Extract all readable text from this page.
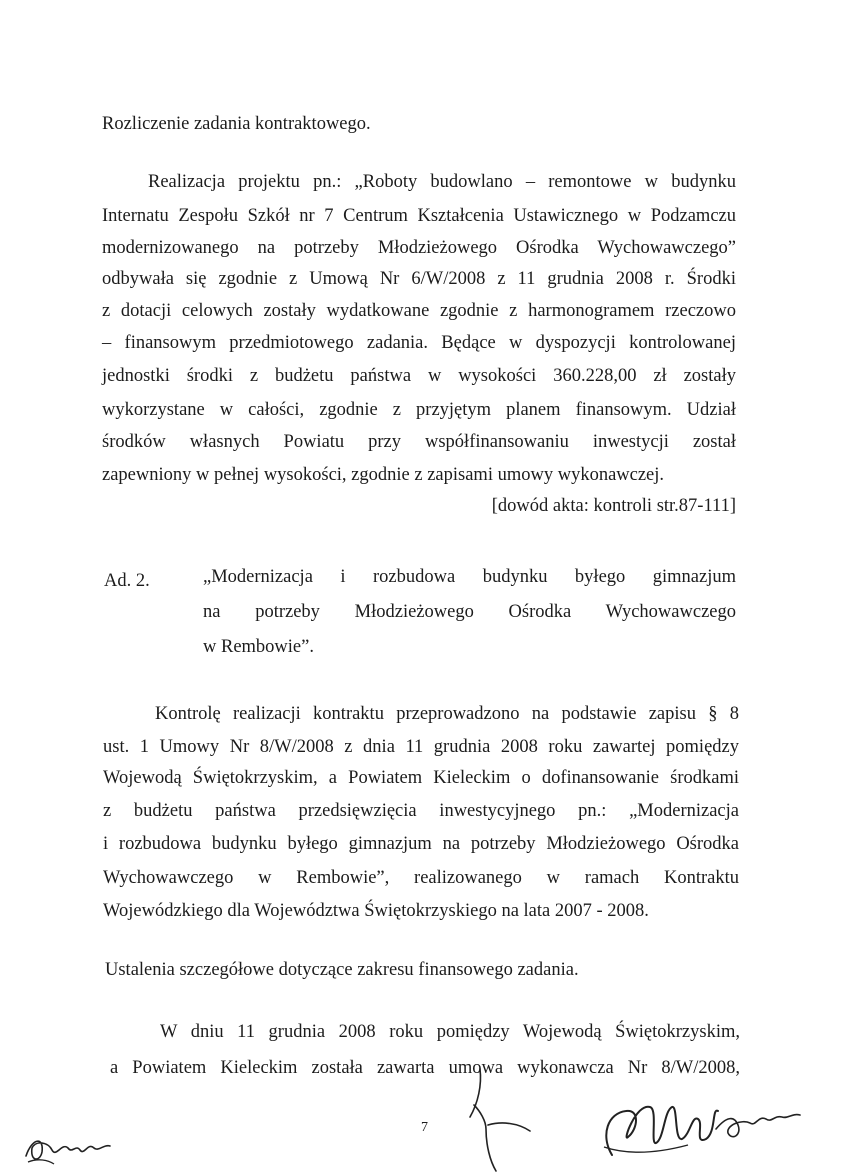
Rozliczenie zadania kontraktowego.
Realizacja projektu pn.: „Roboty budowlano – remontowe w budynku
Internatu Zespołu Szkół nr 7 Centrum Kształcenia Ustawicznego w Podzamczu
modernizowanego na potrzeby Młodzieżowego Ośrodka Wychowawczego”
odbywała się zgodnie z Umową Nr 6/W/2008 z 11 grudnia 2008 r. Środki
z dotacji celowych zostały wydatkowane zgodnie z harmonogramem rzeczowo
– finansowym przedmiotowego zadania. Będące w dyspozycji kontrolowanej
jednostki środki z budżetu państwa w wysokości 360.228,00 zł zostały
wykorzystane w całości, zgodnie z przyjętym planem finansowym. Udział
środków własnych Powiatu przy współfinansowaniu inwestycji został
zapewniony w pełnej wysokości, zgodnie z zapisami umowy wykonawczej.
[dowód akta: kontroli str.87-111]
Ad. 2.	„Modernizacja i rozbudowa budynku byłego gimnazjum
na potrzeby Młodzieżowego Ośrodka Wychowawczego
w Rembowie”.
Kontrolę realizacji kontraktu przeprowadzono na podstawie zapisu § 8
ust. 1 Umowy Nr 8/W/2008 z dnia 11 grudnia 2008 roku zawartej pomiędzy
Wojewodą Świętokrzyskim, a Powiatem Kieleckim o dofinansowanie środkami
z budżetu państwa przedsięwzięcia inwestycyjnego pn.: „Modernizacja
i rozbudowa budynku byłego gimnazjum na potrzeby Młodzieżowego Ośrodka
Wychowawczego w Rembowie”, realizowanego w ramach Kontraktu
Wojewódzkiego dla Województwa Świętokrzyskiego na lata 2007 - 2008.
Ustalenia szczegółowe dotyczące zakresu finansowego zadania.
W dniu 11 grudnia 2008 roku pomiędzy Wojewodą Świętokrzyskim,
a Powiatem Kieleckim została zawarta umowa wykonawcza Nr 8/W/2008,
7
